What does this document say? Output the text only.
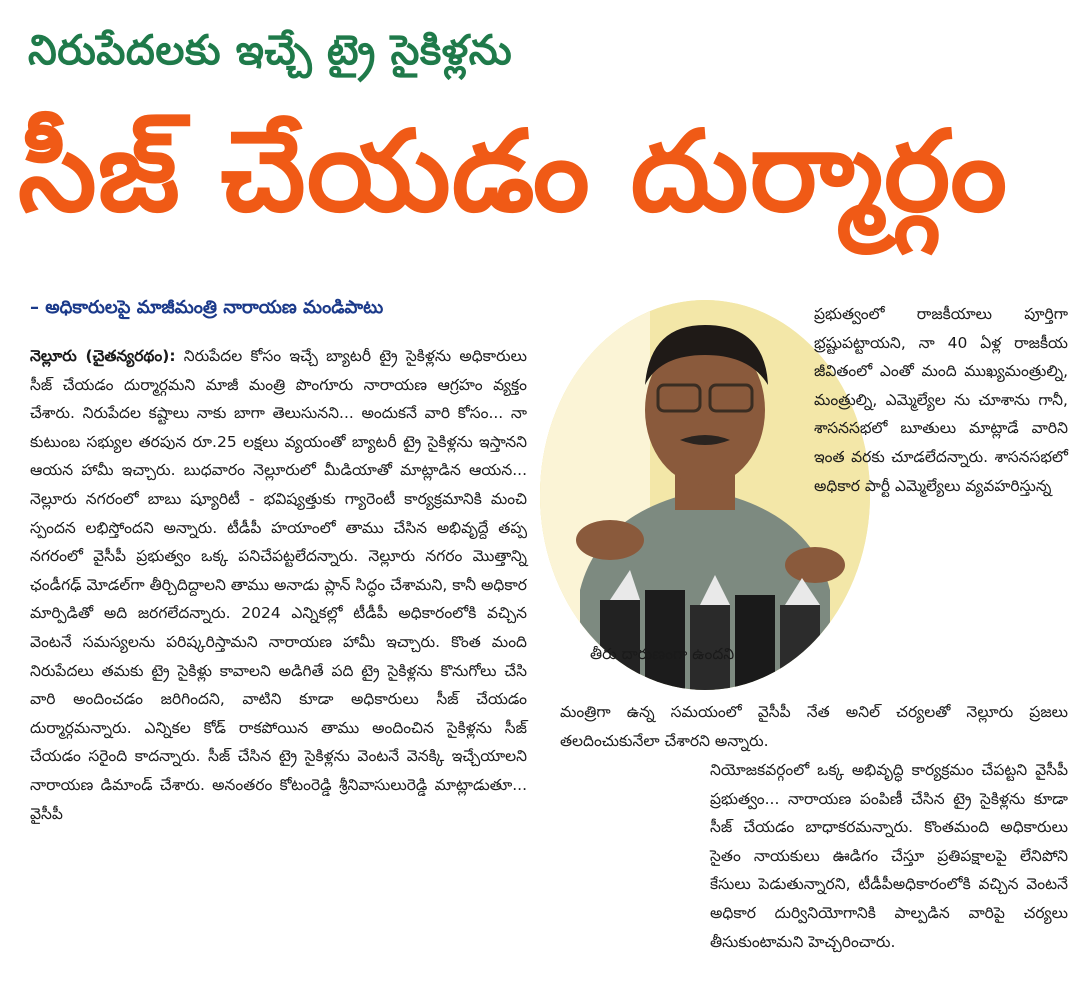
నిరుపేదలకు ఇచ్చే ట్రై సైకిళ్లను
సీజ్ చేయడం దుర్మార్గం
– అధికారులపై మాజీమంత్రి నారాయణ మండిపాటు

నెల్లూరు (చైతన్యరథం): నిరుపేదల కోసం ఇచ్చే బ్యాటరీ ట్రై సైకిళ్లను అధికారులు సీజ్ చేయడం దుర్మార్గమని మాజీ మంత్రి పొంగూరు నారాయణ ఆగ్రహం వ్యక్తం చేశారు. నిరుపేదల కష్టాలు నాకు బాగా తెలుసునని... అందుకనే వారి కోసం... నా కుటుంబ సభ్యుల తరపున రూ.25 లక్షలు వ్యయంతో బ్యాటరీ ట్రై సైకిళ్లను ఇస్తానని ఆయన హామీ ఇచ్చారు. బుధవారం నెల్లూరులో మీడియాతో మాట్లాడిన ఆయన... నెల్లూరు నగరంలో బాబు ష్యూరిటీ - భవిష్యత్తుకు గ్యారెంటీ కార్యక్రమానికి మంచి స్పందన లభిస్తోందని అన్నారు. టీడీపీ హయాంలో తాము చేసిన అభివృద్దే తప్ప నగరంలో వైసీపీ ప్రభుత్వం ఒక్క పనిచేపట్టలేదన్నారు. నెల్లూరు నగరం మొత్తాన్ని ఛండీగఢ్ మోడల్‌గా తీర్చిదిద్దాలని తాము అనాడు ప్లాన్ సిద్ధం చేశామని, కానీ అధికార మార్పిడితో అది జరగలేదన్నారు. 2024 ఎన్నికల్లో టీడీపీ అధికారంలోకి వచ్చిన వెంటనే సమస్యలను పరిష్కరిస్తామని నారాయణ హామీ ఇచ్చారు. కొంత మంది నిరుపేదలు తమకు ట్రై సైకిళ్లు కావాలని అడిగితే పది ట్రై సైకిళ్లను కొనుగోలు చేసి వారి అందించడం జరిగిందని, వాటిని కూడా అధికారులు సీజ్ చేయడం దుర్మార్గమన్నారు. ఎన్నికల కోడ్ రాకపోయిన తాము అందించిన సైకిళ్లను సీజ్ చేయడం సరైంది కాదన్నారు. సీజ్ చేసిన ట్రై సైకిళ్లను వెంటనే వెనక్కి ఇచ్చేయాలని నారాయణ డిమాండ్ చేశారు. అనంతరం కోటంరెడ్డి శ్రీనివాసులురెడ్డి మాట్లాడుతూ... వైసీపీ

ప్రభుత్వంలో రాజకీయాలు పూర్తిగా భ్రష్టుపట్టాయని, నా 40 ఏళ్ల రాజకీయ జీవితంలో ఎంతో మంది ముఖ్యమంత్రుల్ని, మంత్రుల్ని, ఎమ్మెల్యేల ను చూశాను గానీ, శాసనసభలో బూతులు మాట్లాడే వారిని ఇంత వరకు చూడలేదన్నారు. శాసనసభలో అధికార పార్టీ ఎమ్మెల్యేలు వ్యవహరిస్తున్న

తీరు దారుణంగా ఉందని,

మంత్రిగా ఉన్న సమయంలో వైసీపీ నేత అనిల్ చర్యలతో నెల్లూరు ప్రజలు తలదించుకునేలా చేశారని అన్నారు.

నియోజకవర్గంలో ఒక్క అభివృద్ధి కార్యక్రమం చేపట్టని వైసీపీ ప్రభుత్వం... నారాయణ పంపిణీ చేసిన ట్రై సైకిళ్లను కూడా సీజ్ చేయడం బాధాకరమన్నారు. కొంతమంది అధికారులు సైతం నాయకులు ఊడిగం చేస్తూ ప్రతిపక్షాలపై లేనిపోని కేసులు పెడుతున్నారని, టీడీపీఅధికారంలోకి వచ్చిన వెంటనే అధికార దుర్వినియోగానికి పాల్పడిన వారిపై చర్యలు తీసుకుంటామని హెచ్చరించారు.
